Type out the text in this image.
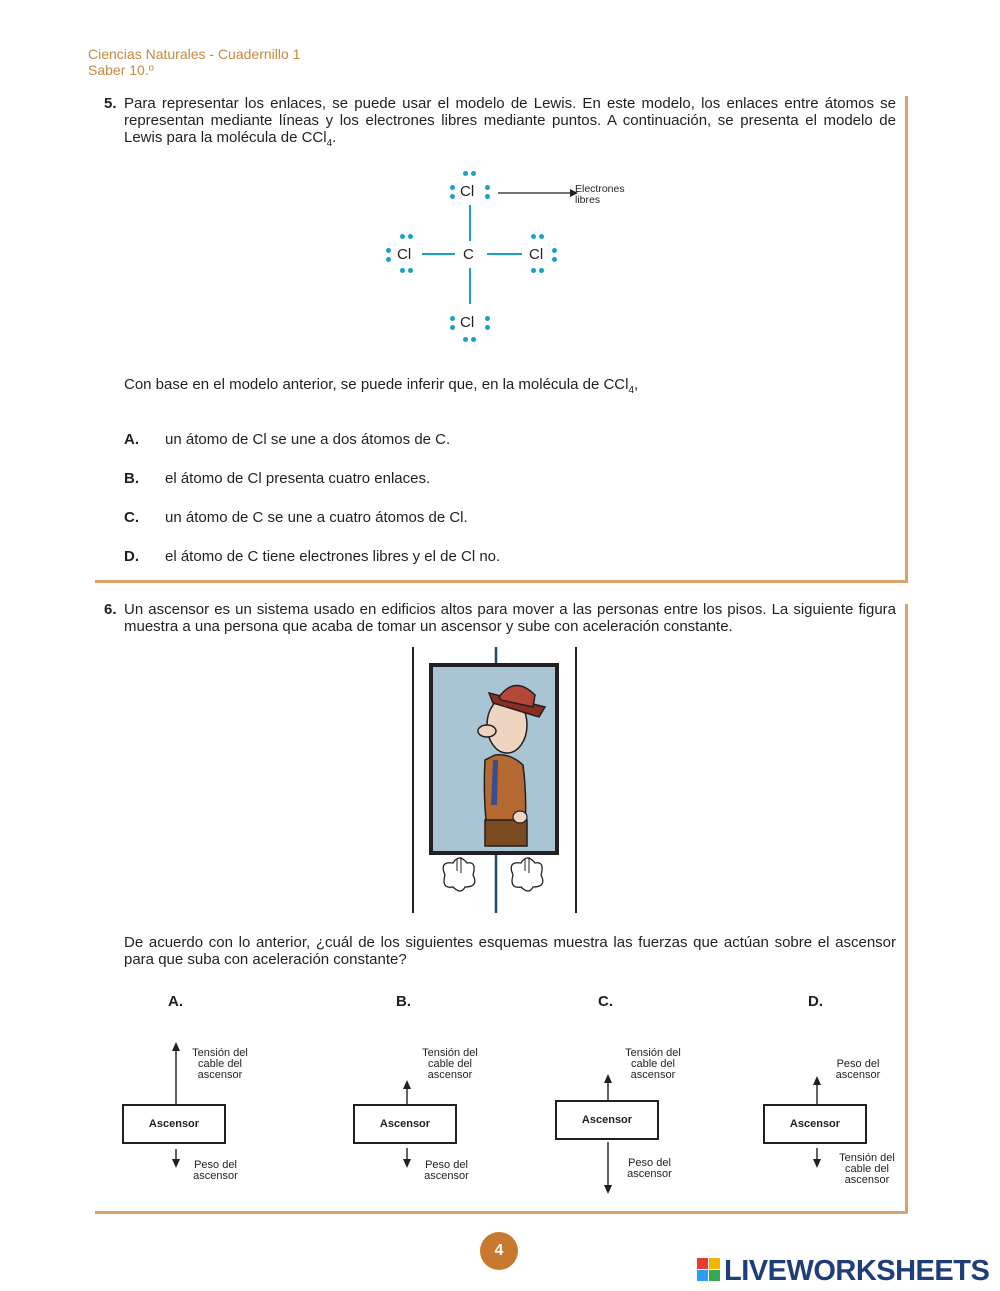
Ciencias Naturales - Cuadernillo 1
Saber 10.º
5. Para representar los enlaces, se puede usar el modelo de Lewis. En este modelo, los enlaces entre átomos se representan mediante líneas y los electrones libres mediante puntos. A continuación, se presenta el modelo de Lewis para la molécula de CCl$_4$.
Cl	Electrones libres
Cl	C	Cl
Cl
Con base en el modelo anterior, se puede inferir que, en la molécula de CCl$_4$,
A. un átomo de Cl se une a dos átomos de C.
B. el átomo de Cl presenta cuatro enlaces.
C. un átomo de C se une a cuatro átomos de Cl.
D. el átomo de C tiene electrones libres y el de Cl no.
6. Un ascensor es un sistema usado en edificios altos para mover a las personas entre los pisos. La siguiente figura muestra a una persona que acaba de tomar un ascensor y sube con aceleración constante.
De acuerdo con lo anterior, ¿cuál de los siguientes esquemas muestra las fuerzas que actúan sobre el ascensor para que suba con aceleración constante?
A.
Tensión del cable del ascensor
Ascensor
Peso del ascensor
B.
Tensión del cable del ascensor
Ascensor
Peso del ascensor
C.
Tensión del cable del ascensor
Ascensor
Peso del ascensor
D.
Peso del ascensor
Ascensor
Tensión del cable del ascensor
4
LIVEWORKSHEETS
